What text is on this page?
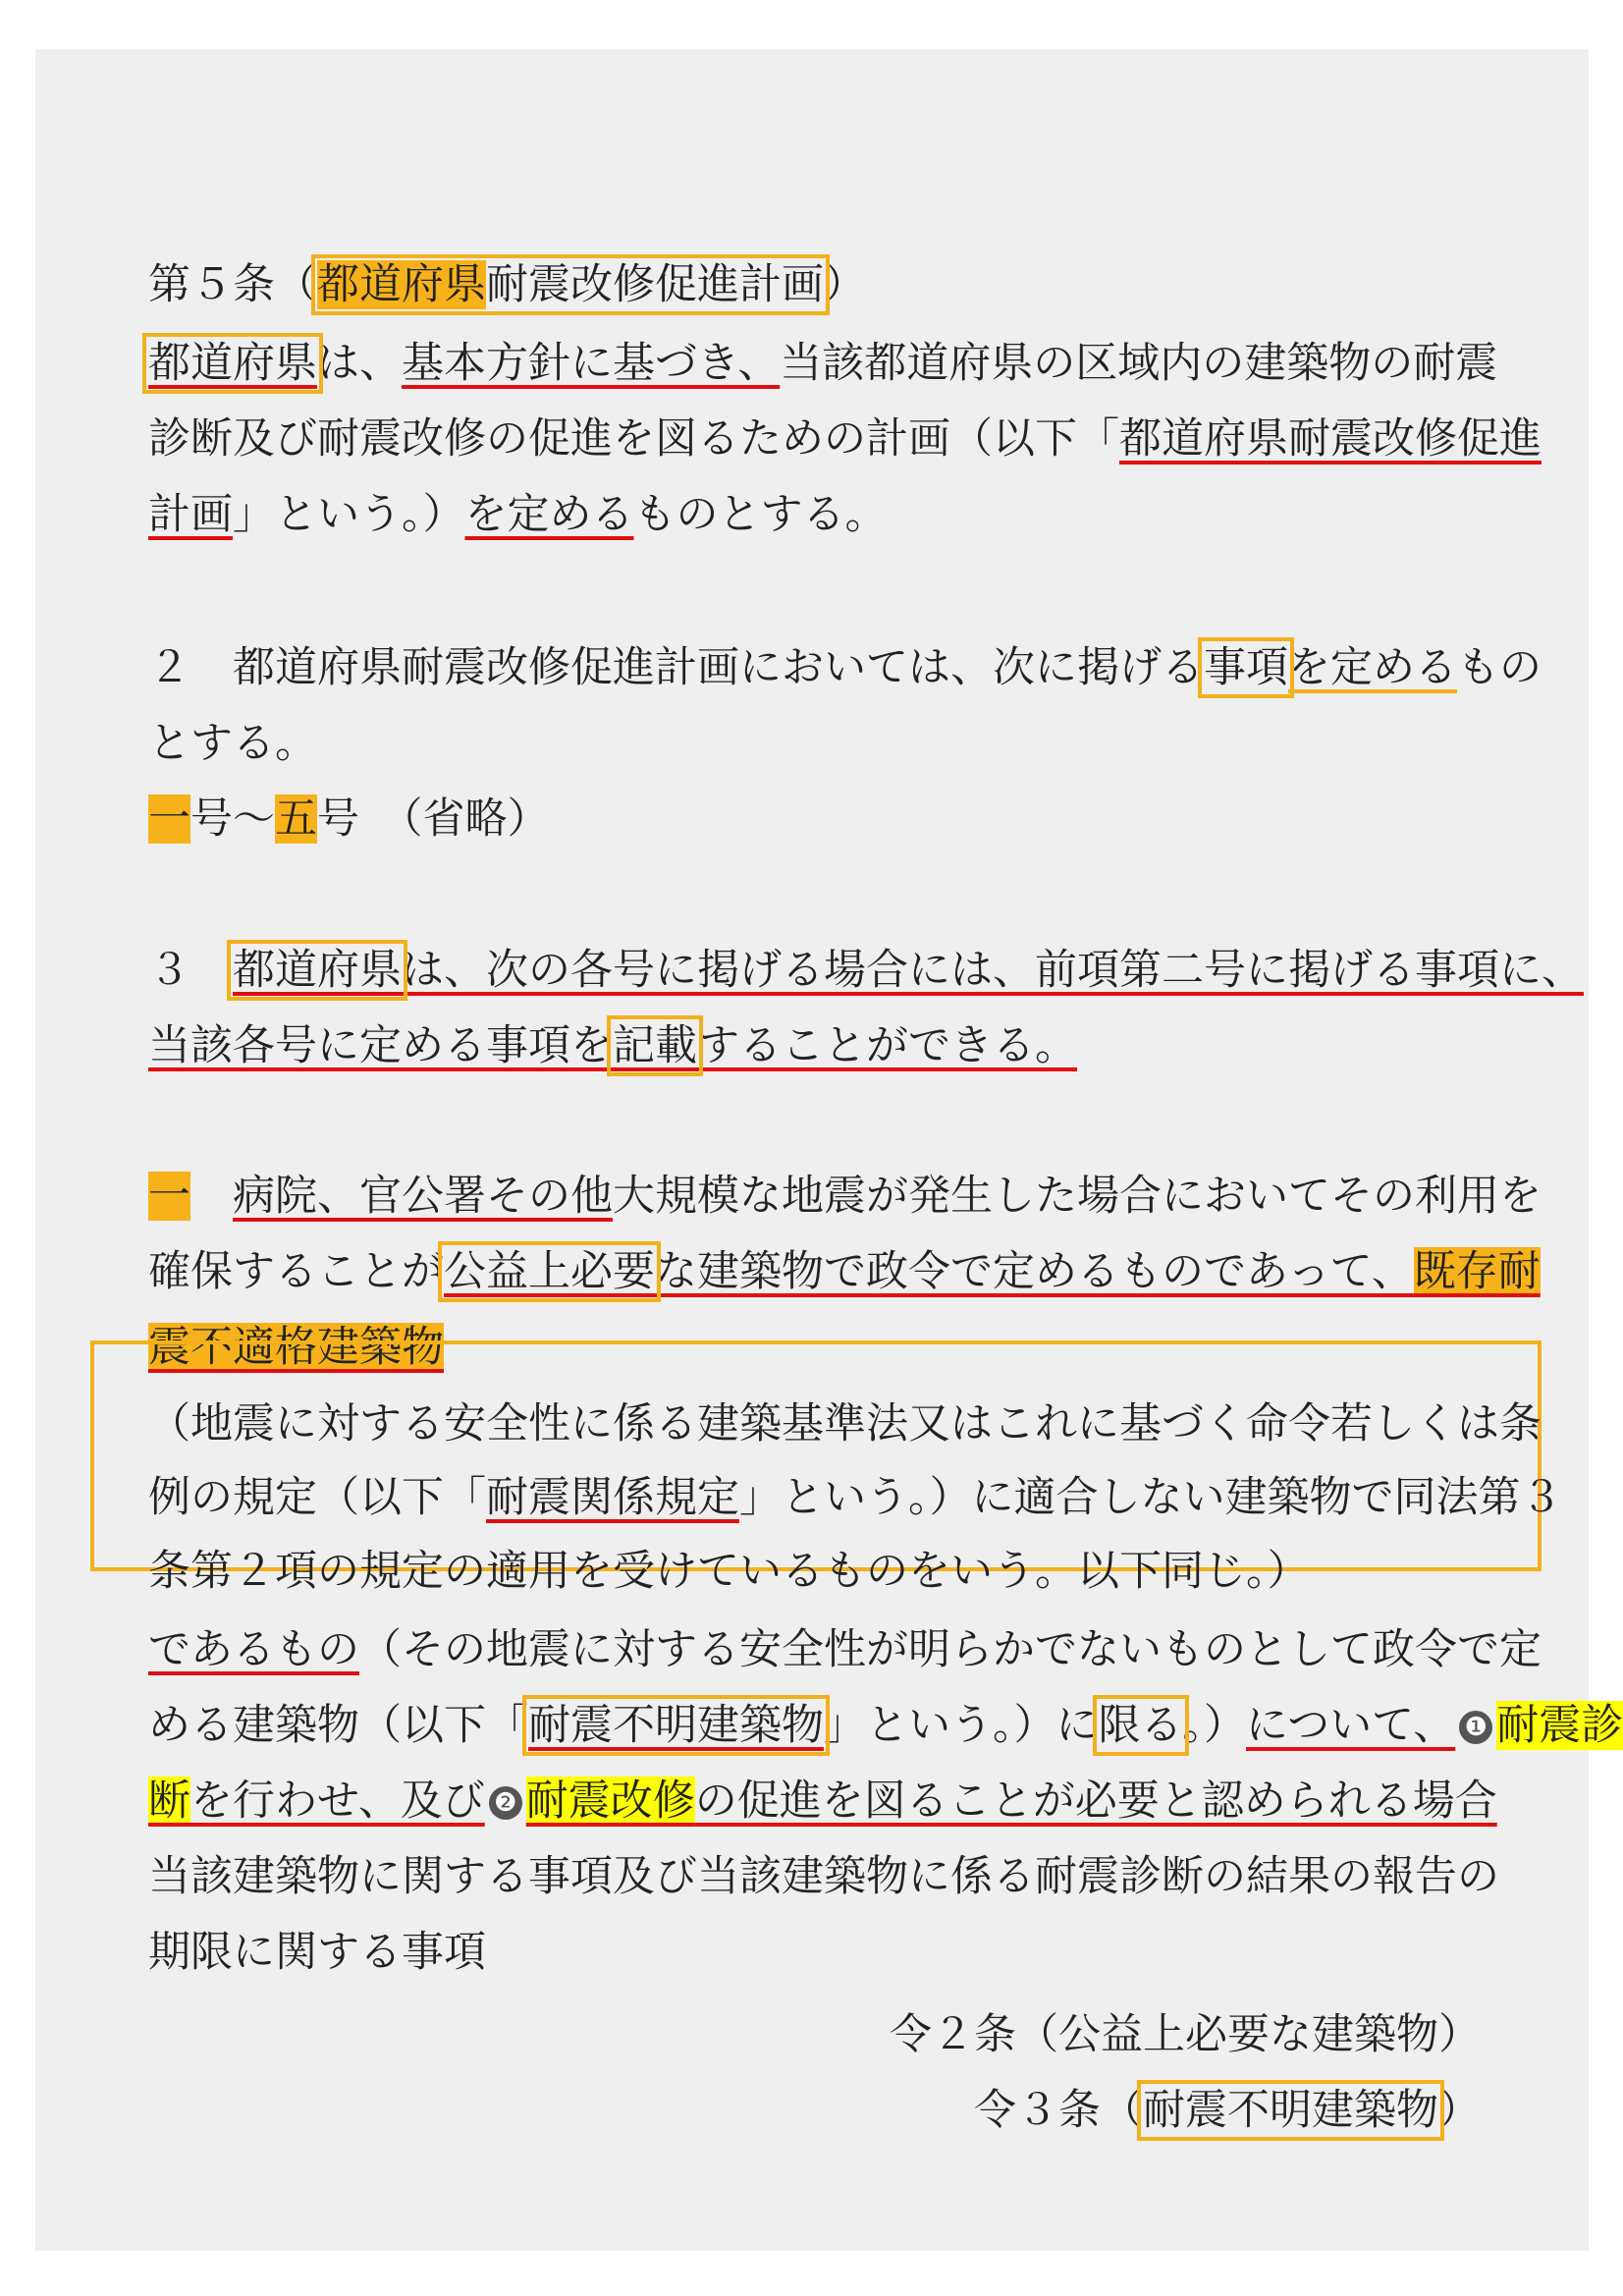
第５条（都道府県耐震改修促進計画）
都道府県は、基本方針に基づき、当該都道府県の区域内の建築物の耐震
診断及び耐震改修の促進を図るための計画（以下「都道府県耐震改修促進
計画」という。）を定めるものとする。
２　都道府県耐震改修促進計画においては、次に掲げる事項を定めるもの
とする。
一号～五号　（省略）
３　都道府県は、次の各号に掲げる場合には、前項第二号に掲げる事項に、
当該各号に定める事項を記載することができる。
一　 病院、官公署その他大規模な地震が発生した場合においてその利用を
確保することが公益上必要な建築物で政令で定めるものであって、既存耐
震不適格建築物
（地震に対する安全性に係る建築基準法又はこれに基づく命令若しくは条
例の規定（以下「耐震関係規定」という。）に適合しない建築物で同法第３
条第２項の規定の適用を受けているものをいう。以下同じ。）
であるもの（その地震に対する安全性が明らかでないものとして政令で定
める建築物（以下「耐震不明建築物」という。）に限る。）について、 ❶ 耐震診
断を行わせ、及び ❷ 耐震改修の促進を図ることが必要と認められる場合
当該建築物に関する事項及び当該建築物に係る耐震診断の結果の報告の
期限に関する事項
令２条（公益上必要な建築物）
令３条（耐震不明建築物）
